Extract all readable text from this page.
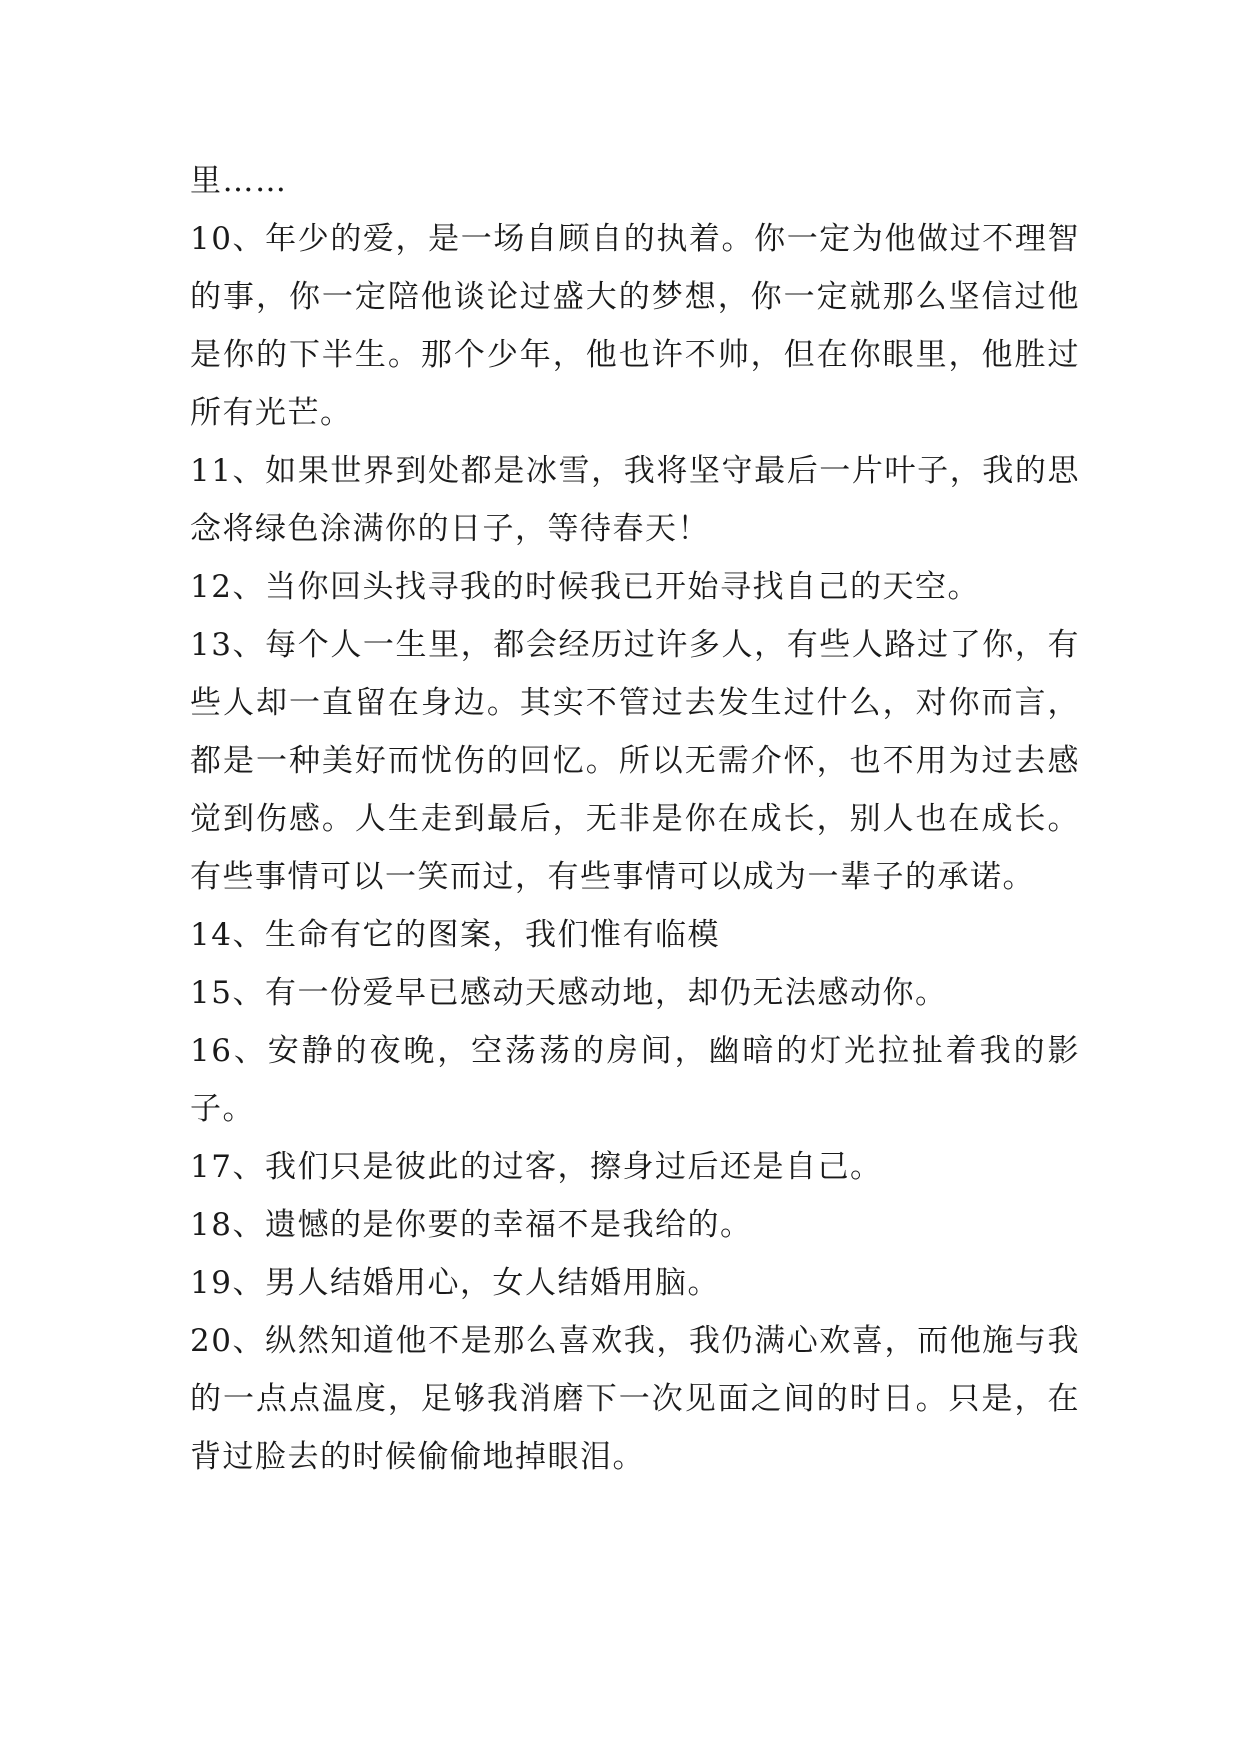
里……

10、年少的爱，是一场自顾自的执着。你一定为他做过不理智的事，你一定陪他谈论过盛大的梦想，你一定就那么坚信过他是你的下半生。那个少年，他也许不帅，但在你眼里，他胜过所有光芒。

11、如果世界到处都是冰雪，我将坚守最后一片叶子，我的思念将绿色涂满你的日子，等待春天！

12、当你回头找寻我的时候我已开始寻找自己的天空。

13、每个人一生里，都会经历过许多人，有些人路过了你，有些人却一直留在身边。其实不管过去发生过什么，对你而言，都是一种美好而忧伤的回忆。所以无需介怀，也不用为过去感觉到伤感。人生走到最后，无非是你在成长，别人也在成长。有些事情可以一笑而过，有些事情可以成为一辈子的承诺。

14、生命有它的图案，我们惟有临模

15、有一份爱早已感动天感动地，却仍无法感动你。

16、安静的夜晚，空荡荡的房间，幽暗的灯光拉扯着我的影子。

17、我们只是彼此的过客，擦身过后还是自己。

18、遗憾的是你要的幸福不是我给的。

19、男人结婚用心，女人结婚用脑。

20、纵然知道他不是那么喜欢我，我仍满心欢喜，而他施与我的一点点温度，足够我消磨下一次见面之间的时日。只是，在背过脸去的时候偷偷地掉眼泪。
